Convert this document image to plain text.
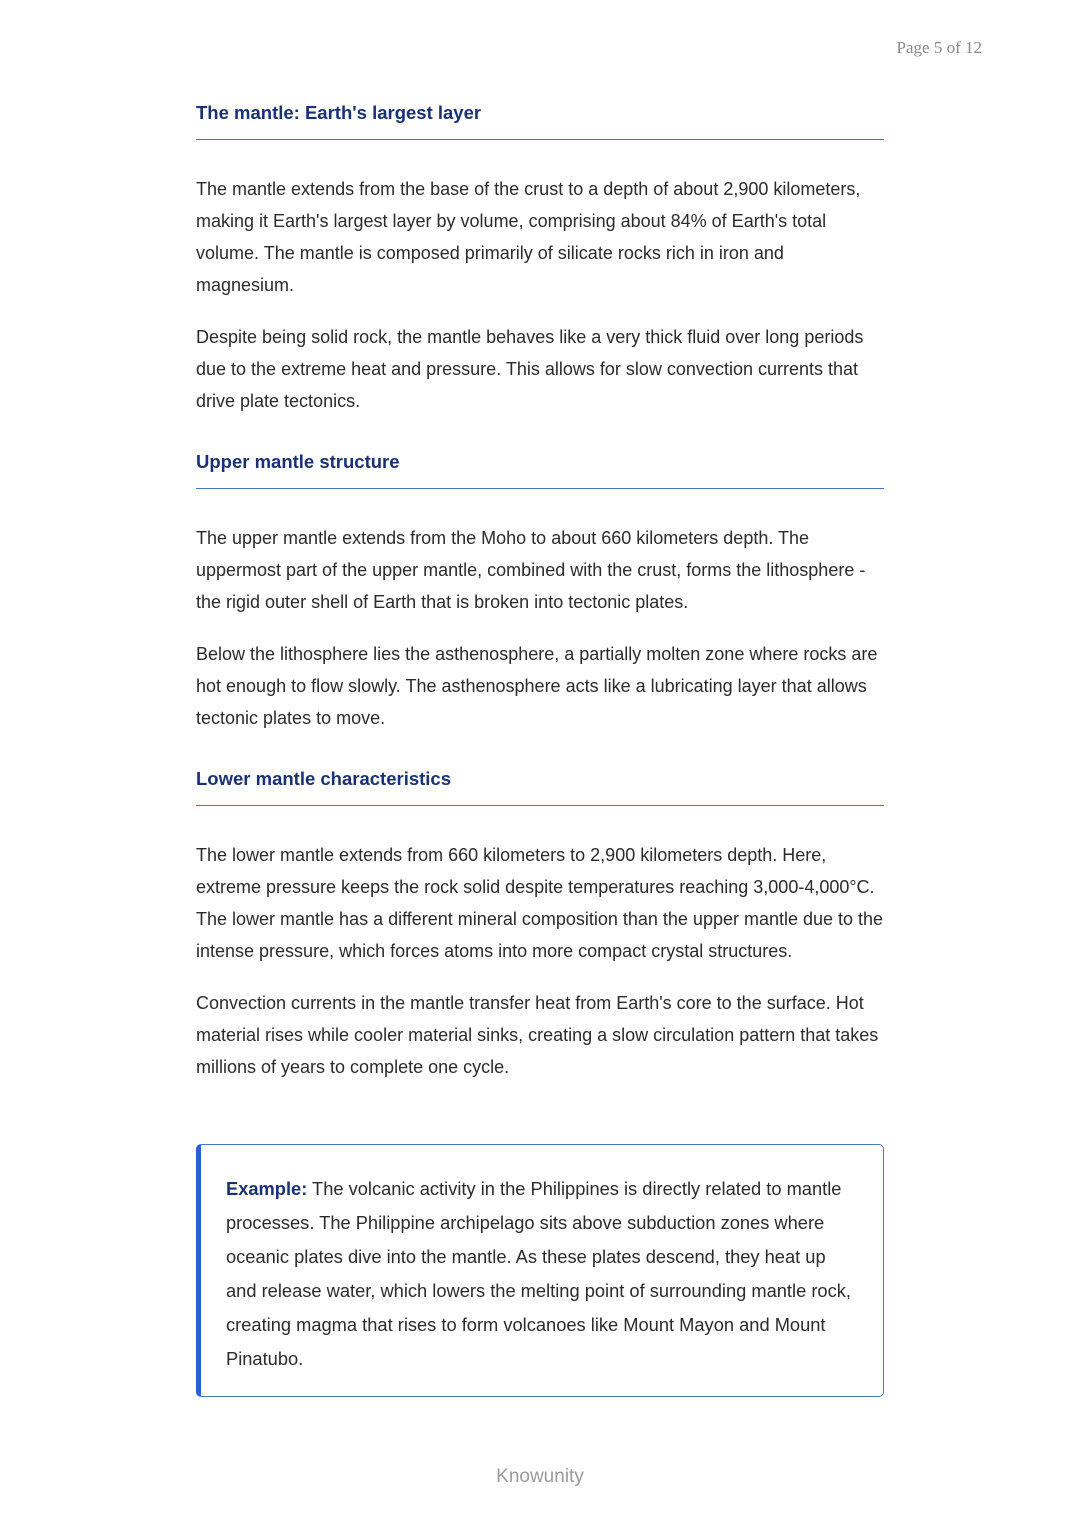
Page 5 of 12
The mantle: Earth's largest layer

The mantle extends from the base of the crust to a depth of about 2,900 kilometers, making it Earth's largest layer by volume, comprising about 84% of Earth's total volume. The mantle is composed primarily of silicate rocks rich in iron and magnesium.

Despite being solid rock, the mantle behaves like a very thick fluid over long periods due to the extreme heat and pressure. This allows for slow convection currents that drive plate tectonics.

Upper mantle structure

The upper mantle extends from the Moho to about 660 kilometers depth. The uppermost part of the upper mantle, combined with the crust, forms the lithosphere - the rigid outer shell of Earth that is broken into tectonic plates.

Below the lithosphere lies the asthenosphere, a partially molten zone where rocks are hot enough to flow slowly. The asthenosphere acts like a lubricating layer that allows tectonic plates to move.

Lower mantle characteristics

The lower mantle extends from 660 kilometers to 2,900 kilometers depth. Here, extreme pressure keeps the rock solid despite temperatures reaching 3,000-4,000°C. The lower mantle has a different mineral composition than the upper mantle due to the intense pressure, which forces atoms into more compact crystal structures.

Convection currents in the mantle transfer heat from Earth's core to the surface. Hot material rises while cooler material sinks, creating a slow circulation pattern that takes millions of years to complete one cycle.

Example: The volcanic activity in the Philippines is directly related to mantle processes. The Philippine archipelago sits above subduction zones where oceanic plates dive into the mantle. As these plates descend, they heat up and release water, which lowers the melting point of surrounding mantle rock, creating magma that rises to form volcanoes like Mount Mayon and Mount Pinatubo.

Knowunity
